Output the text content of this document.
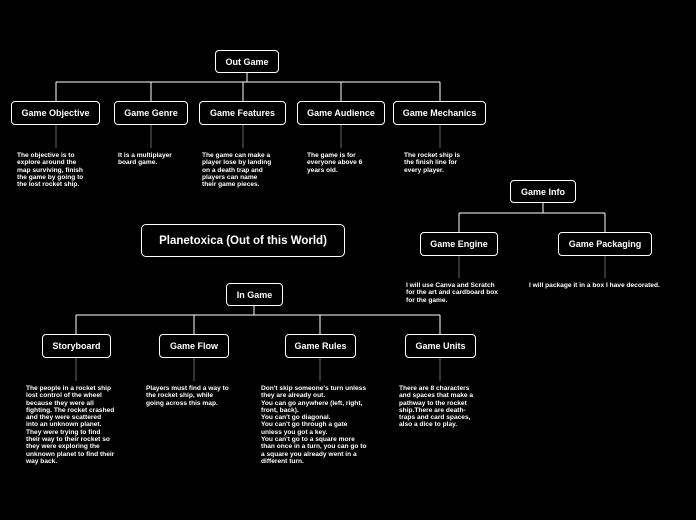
Planetoxica (Out of this World)
Out Game
Game Objective	Game Genre	Game Features	Game Audience	Game Mechanics
The objective is to
explore around the
map surviving, finish
the game by going to
the lost rocket ship.
It is a multiplayer
board game.
The game can make a
player lose by landing
on a death trap and
players can name
their game pieces.
The game is for
everyone above 6
years old.
The rocket ship is
the finish line for
every player.
Game Info
Game Engine	Game Packaging
I will use Canva and Scratch
for the art and cardboard box
for the game.
I will package it in a box I have decorated.
In Game
Storyboard	Game Flow	Game Rules	Game Units
The people in a rocket ship
lost control of the wheel
because they were all
fighting. The rocket crashed
and they were scattered
into an unknown planet.
They were trying to find
their way to their rocket so
they were exploring the
unknown planet to find their
way back.
Players must find a way to
the rocket ship, while
going across this map.
Don't skip someone's turn unless
they are already out.
You can go anywhere (left, right,
front, back).
You can't go diagonal.
You can't go through a gate
unless you got a key.
You can't go to a square more
than once in a turn, you can go to
a square you already went in a
different turn.
There are 8 characters
and spaces that make a
pathway to the rocket
ship.There are death-
traps and card spaces,
also a dice to play.
